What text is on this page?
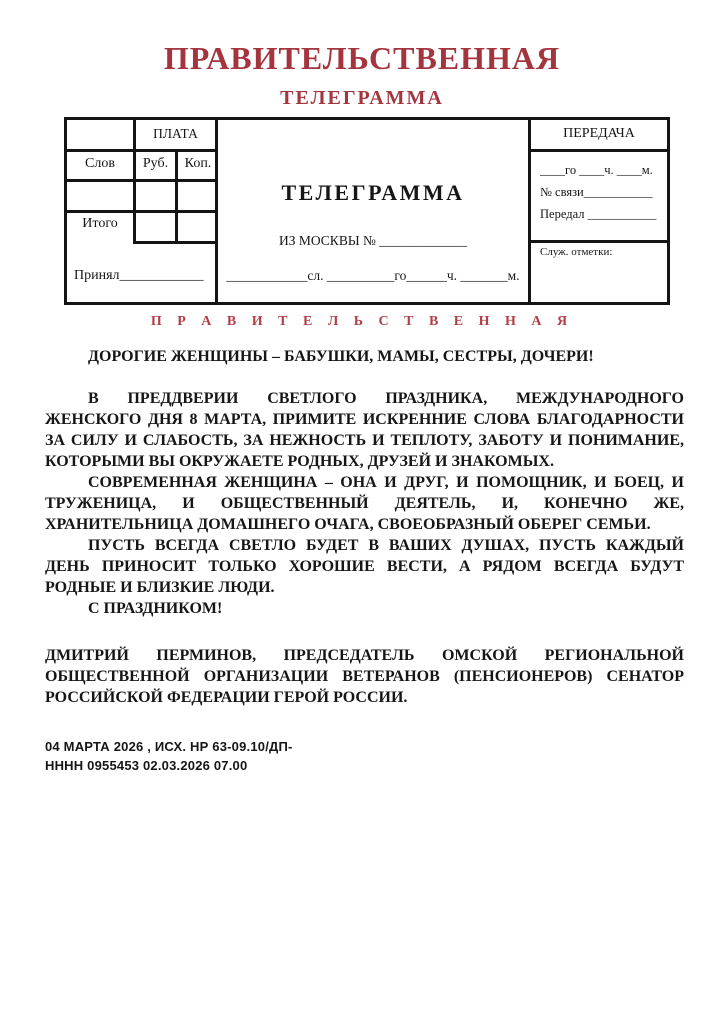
ПРАВИТЕЛЬСТВЕННАЯ
ТЕЛЕГРАММА
ПЛАТА
Слов	Руб.	Коп.
Итого
Принял____________
ТЕЛЕГРАММА
ИЗ МОСКВЫ № _____________
____________сл. __________го______ч. _______м.
ПЕРЕДАЧА
____го ____ч. ____м.
№ связи___________
Передал ___________
Служ. отметки:
П Р А В И Т Е Л Ь С Т В Е Н Н А Я

ДОРОГИЕ ЖЕНЩИНЫ – БАБУШКИ, МАМЫ, СЕСТРЫ, ДОЧЕРИ!

В ПРЕДДВЕРИИ СВЕТЛОГО ПРАЗДНИКА, МЕЖДУНАРОДНОГО ЖЕНСКОГО ДНЯ 8 МАРТА, ПРИМИТЕ ИСКРЕННИЕ СЛОВА БЛАГОДАРНОСТИ ЗА СИЛУ И СЛАБОСТЬ, ЗА НЕЖНОСТЬ И ТЕПЛОТУ, ЗАБОТУ И ПОНИМАНИЕ, КОТОРЫМИ ВЫ ОКРУЖАЕТЕ РОДНЫХ, ДРУЗЕЙ И ЗНАКОМЫХ.

СОВРЕМЕННАЯ ЖЕНЩИНА – ОНА И ДРУГ, И ПОМОЩНИК, И БОЕЦ, И ТРУЖЕНИЦА, И ОБЩЕСТВЕННЫЙ ДЕЯТЕЛЬ, И, КОНЕЧНО ЖЕ, ХРАНИТЕЛЬНИЦА ДОМАШНЕГО ОЧАГА, СВОЕОБРАЗНЫЙ ОБЕРЕГ СЕМЬИ.

ПУСТЬ ВСЕГДА СВЕТЛО БУДЕТ В ВАШИХ ДУШАХ, ПУСТЬ КАЖДЫЙ ДЕНЬ ПРИНОСИТ ТОЛЬКО ХОРОШИЕ ВЕСТИ, А РЯДОМ ВСЕГДА БУДУТ РОДНЫЕ И БЛИЗКИЕ ЛЮДИ.

С ПРАЗДНИКОМ!

ДМИТРИЙ ПЕРМИНОВ, ПРЕДСЕДАТЕЛЬ ОМСКОЙ РЕГИОНАЛЬНОЙ ОБЩЕСТВЕННОЙ ОРГАНИЗАЦИИ ВЕТЕРАНОВ (ПЕНСИОНЕРОВ) СЕНАТОР РОССИЙСКОЙ ФЕДЕРАЦИИ ГЕРОЙ РОССИИ.

04 МАРТА 2026 , ИСХ. НР 63-09.10/ДП-
НННН 0955453 02.03.2026 07.00
